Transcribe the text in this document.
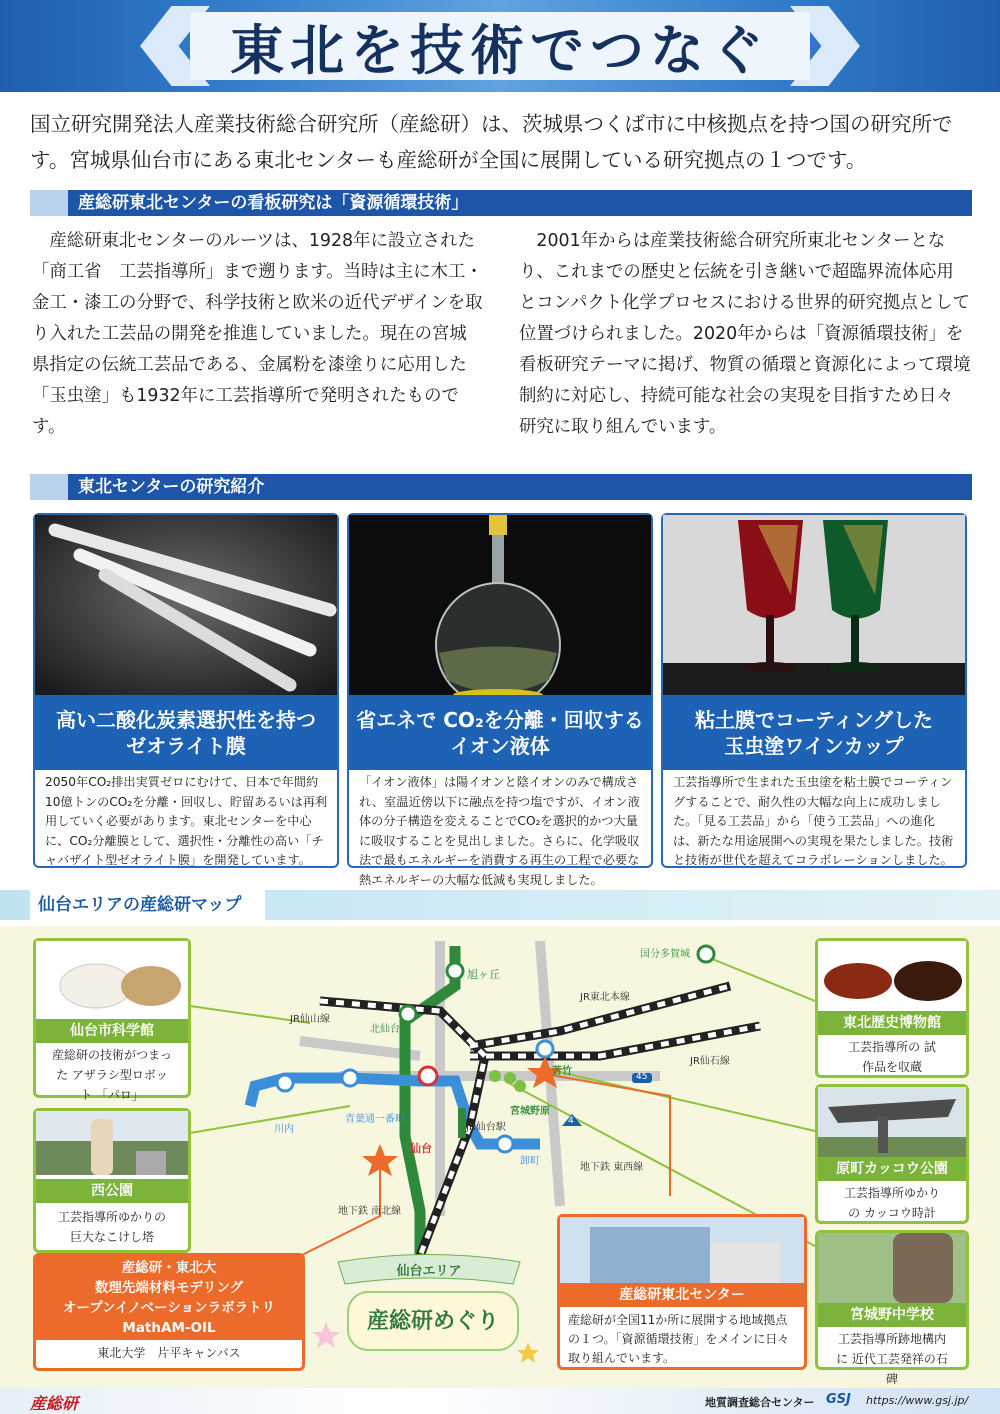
東北を技術でつなぐ

国立研究開発法人産業技術総合研究所（産総研）は、茨城県つくば市に中核拠点を持つ国の研究所です。宮城県仙台市にある東北センターも産総研が全国に展開している研究拠点の１つです。

産総研東北センターの看板研究は「資源循環技術」

産総研東北センターのルーツは、1928年に設立された「商工省　工芸指導所」まで遡ります。当時は主に木工・金工・漆工の分野で、科学技術と欧米の近代デザインを取り入れた工芸品の開発を推進していました。現在の宮城県指定の伝統工芸品である、金属粉を漆塗りに応用した「玉虫塗」も1932年に工芸指導所で発明されたものです。

2001年からは産業技術総合研究所東北センターとなり、これまでの歴史と伝統を引き継いで超臨界流体応用とコンパクト化学プロセスにおける世界的研究拠点として位置づけられました。2020年からは「資源循環技術」を看板研究テーマに掲げ、物質の循環と資源化によって環境制約に対応し、持続可能な社会の実現を目指すため日々研究に取り組んでいます。

東北センターの研究紹介
高い二酸化炭素選択性を持つ
ゼオライト膜

2050年CO₂排出実質ゼロにむけて、日本で年間約10億トンのCO₂を分離・回収し、貯留あるいは再利用していく必要があります。東北センターを中心に、CO₂分離膜として、選択性・分離性の高い「チャバザイト型ゼオライト膜」を開発しています。

省エネで CO₂を分離・回収する
イオン液体

「イオン液体」は陽イオンと陰イオンのみで構成され、室温近傍以下に融点を持つ塩ですが、イオン液体の分子構造を変えることでCO₂を選択的かつ大量に吸収することを見出しました。さらに、化学吸収法で最もエネルギーを消費する再生の工程で必要な熱エネルギーの大幅な低減も実現しました。

粘土膜でコーティングした
玉虫塗ワインカップ

工芸指導所で生まれた玉虫塗を粘土膜でコーティングすることで、耐久性の大幅な向上に成功しました。「見る工芸品」から「使う工芸品」への進化は、新たな用途展開への実現を果たしました。技術と技術が世代を超えてコラボレーションしました。

仙台エリアの産総研マップ
旭ヶ丘
国分多賀城
JR東北本線
JR仙山線
北仙台
JR仙石線
苦竹
宮城野原
川内
青葉通一番町
仙台
JR仙台駅
卸町
地下鉄 東西線
地下鉄 南北線
45
4
仙台市科学館
産総研の技術がつまった アザラシ型ロボット 「パロ」
西公園
工芸指導所ゆかりの 巨大なこけし塔
東北歴史博物館
工芸指導所の 試作品を収蔵
原町カッコウ公園
工芸指導所ゆかりの カッコウ時計
宮城野中学校
工芸指導所跡地構内に 近代工芸発祥の石碑
産総研・東北大
数理先端材料モデリング
オープンイノベーションラボラトリ
MathAM-OIL
東北大学　片平キャンパス
仙台エリア
産総研めぐり
産総研東北センター

産総研が全国11か所に展開する地域拠点の１つ。「資源循環技術」をメインに日々取り組んでいます。

産総研	地質調査総合センター GSJ https://www.gsj.jp/
